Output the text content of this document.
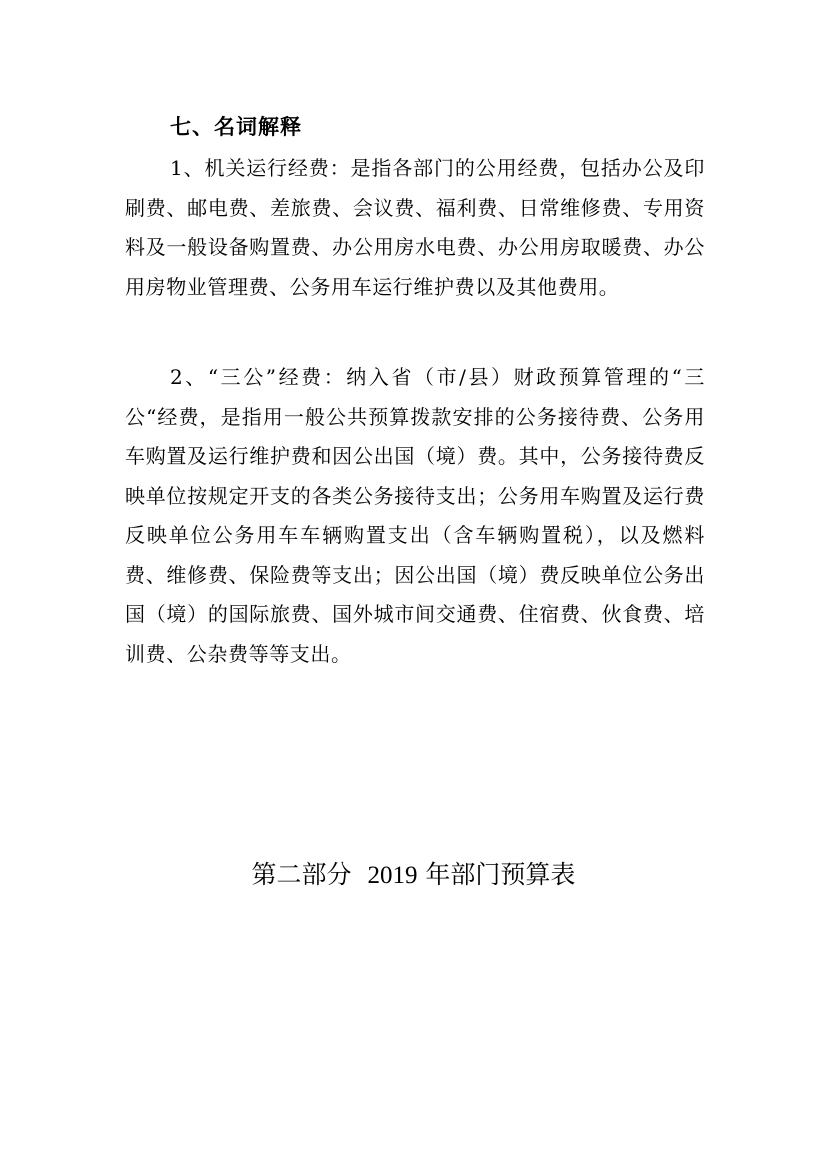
七、名词解释
1、机关运行经费：是指各部门的公用经费，包括办公及印刷费、邮电费、差旅费、会议费、福利费、日常维修费、专用资料及一般设备购置费、办公用房水电费、办公用房取暖费、办公用房物业管理费、公务用车运行维护费以及其他费用。
2、“三公”经费：纳入省（市/县）财政预算管理的“三公“经费，是指用一般公共预算拨款安排的公务接待费、公务用车购置及运行维护费和因公出国（境）费。其中，公务接待费反映单位按规定开支的各类公务接待支出；公务用车购置及运行费反映单位公务用车车辆购置支出（含车辆购置税），以及燃料费、维修费、保险费等支出；因公出国（境）费反映单位公务出国（境）的国际旅费、国外城市间交通费、住宿费、伙食费、培训费、公杂费等等支出。
第二部分 2019 年部门预算表
